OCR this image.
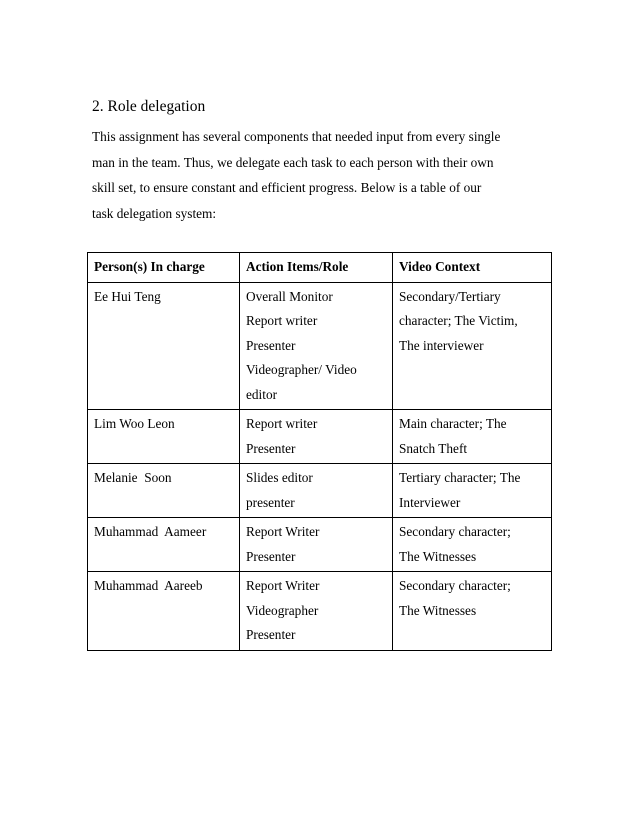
2. Role delegation
This assignment has several components that needed input from every single
man in the team. Thus, we delegate each task to each person with their own
skill set, to ensure constant and efficient progress. Below is a table of our
task delegation system:
Person(s) In charge	Action Items/Role	Video Context

Ee Hui Teng	Overall Monitor
Report writer
Presenter
Videographer/ Video
editor	Secondary/Tertiary
character; The Victim,
The interviewer

Lim Woo Leon	Report writer
Presenter	Main character; The
Snatch Theft

Melanie  Soon	Slides editor
presenter	Tertiary character; The
Interviewer

Muhammad  Aameer	Report Writer
Presenter	Secondary character;
The Witnesses

Muhammad  Aareeb	Report Writer
Videographer
Presenter	Secondary character;
The Witnesses
